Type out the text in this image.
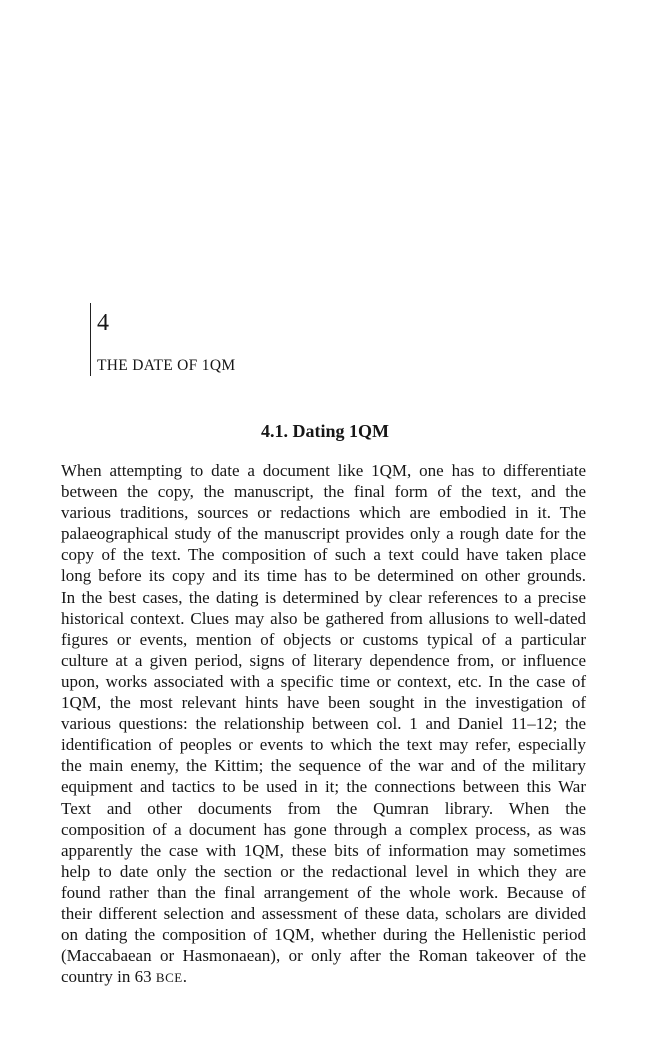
4
THE DATE OF 1QM
4.1. Dating 1QM
When attempting to date a document like 1QM, one has to differentiate
between the copy, the manuscript, the final form of the text, and the
various traditions, sources or redactions which are embodied in it. The
palaeographical study of the manuscript provides only a rough date for the
copy of the text. The composition of such a text could have taken place
long before its copy and its time has to be determined on other grounds.
In the best cases, the dating is determined by clear references to a precise
historical context. Clues may also be gathered from allusions to well-dated
figures or events, mention of objects or customs typical of a particular
culture at a given period, signs of literary dependence from, or influence
upon, works associated with a specific time or context, etc. In the case of
1QM, the most relevant hints have been sought in the investigation of
various questions: the relationship between col. 1 and Daniel 11–12; the
identification of peoples or events to which the text may refer, especially
the main enemy, the Kittim; the sequence of the war and of the military
equipment and tactics to be used in it; the connections between this War
Text and other documents from the Qumran library. When the
composition of a document has gone through a complex process, as was
apparently the case with 1QM, these bits of information may sometimes
help to date only the section or the redactional level in which they are
found rather than the final arrangement of the whole work. Because of
their different selection and assessment of these data, scholars are divided
on dating the composition of 1QM, whether during the Hellenistic period
(Maccabaean or Hasmonaean), or only after the Roman takeover of the
country in 63 BCE.
